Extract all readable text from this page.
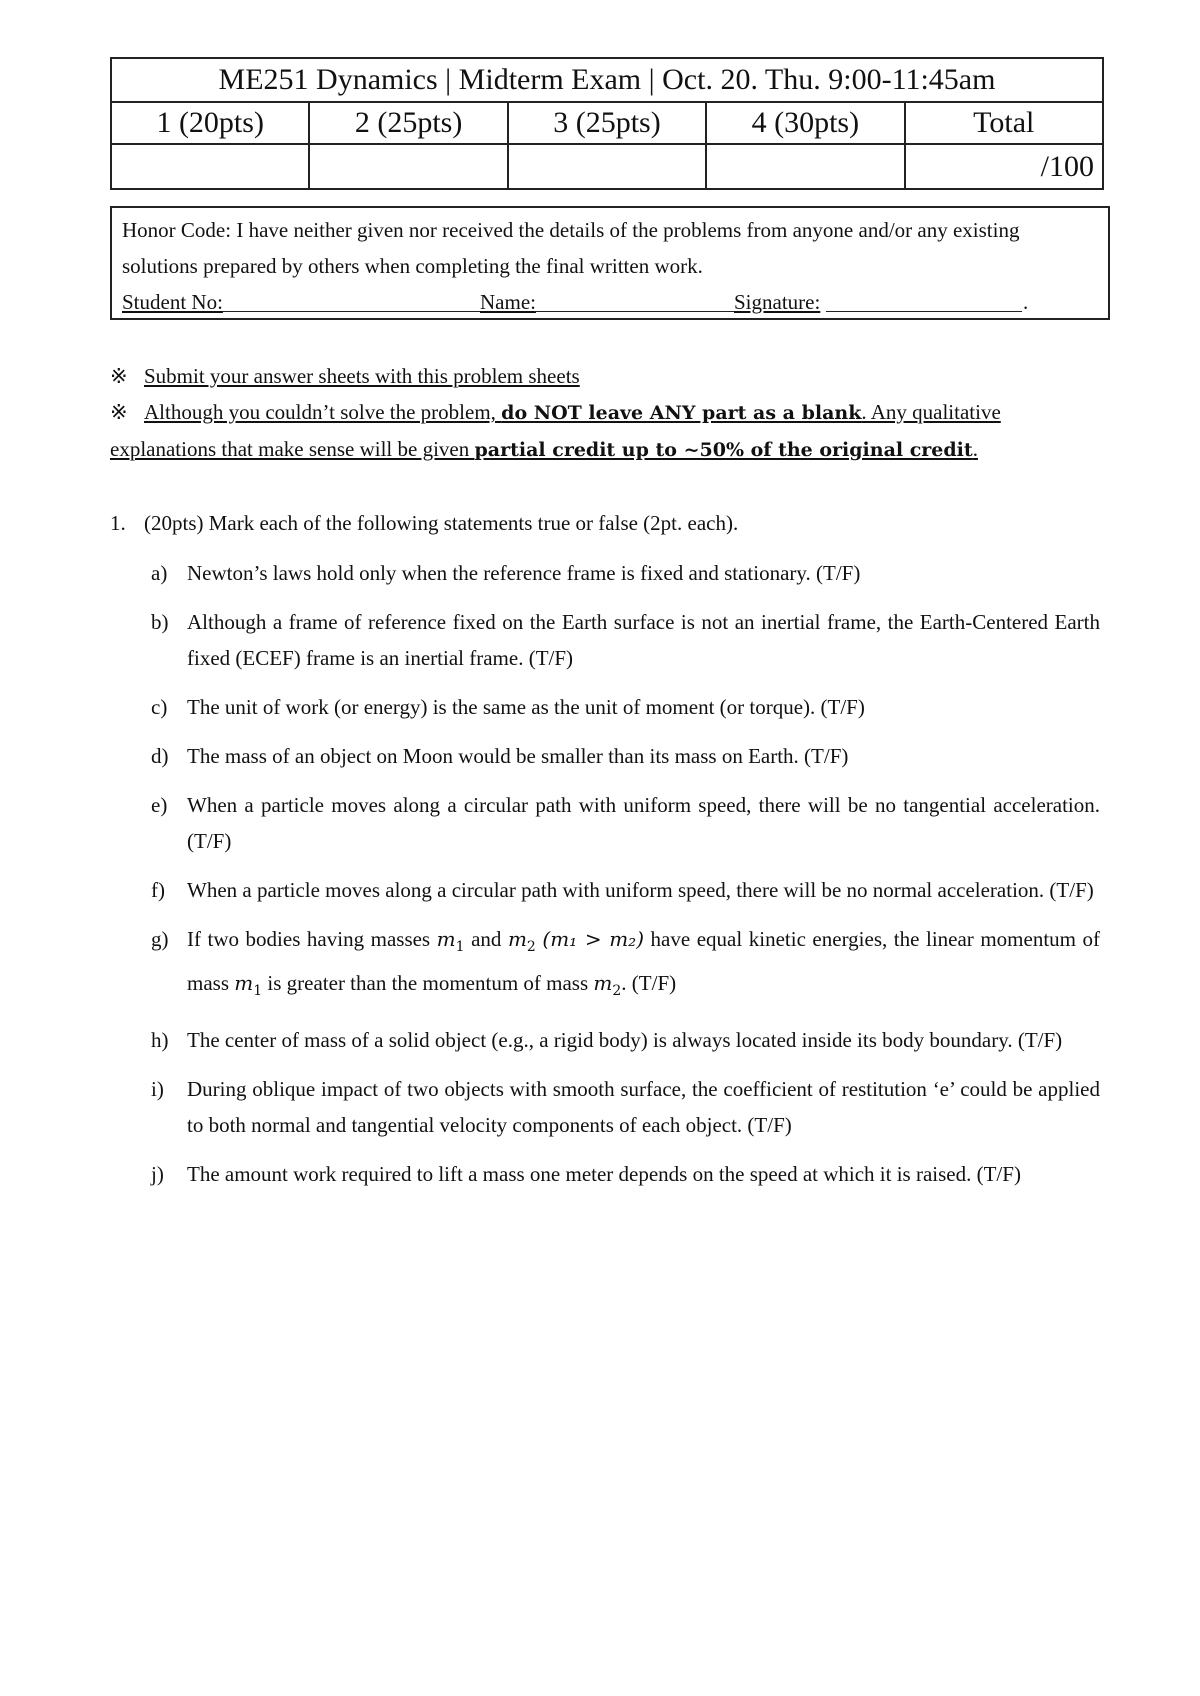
ME251 Dynamics | Midterm Exam | Oct. 20. Thu. 9:00-11:45am				
1 (20pts)	2 (25pts)	3 (25pts)	4 (30pts)	Total
				/100

Honor Code: I have neither given nor received the details of the problems from anyone and/or any existing solutions prepared by others when completing the final written work.

Student No:	Name:	Signature:	.
※ Submit your answer sheets with this problem sheets
※ Although you couldn’t solve the problem, do NOT leave ANY part as a blank. Any qualitative
explanations that make sense will be given partial credit up to ~50% of the original credit.
1. (20pts) Mark each of the following statements true or false (2pt. each).
a) Newton’s laws hold only when the reference frame is fixed and stationary. (T/F)

b) Although a frame of reference fixed on the Earth surface is not an inertial frame, the Earth-Centered Earth fixed (ECEF) frame is an inertial frame. (T/F)

c) The unit of work (or energy) is the same as the unit of moment (or torque). (T/F)

d) The mass of an object on Moon would be smaller than its mass on Earth. (T/F)

e) When a particle moves along a circular path with uniform speed, there will be no tangential acceleration. (T/F)

f) When a particle moves along a circular path with uniform speed, there will be no normal acceleration. (T/F)

g) If two bodies having masses $m_1$ and $m_2$ (m₁ > m₂) have equal kinetic energies, the linear momentum of mass $m_1$ is greater than the momentum of mass $m_2$. (T/F)

h) The center of mass of a solid object (e.g., a rigid body) is always located inside its body boundary. (T/F)

i) During oblique impact of two objects with smooth surface, the coefficient of restitution ‘e’ could be applied to both normal and tangential velocity components of each object. (T/F)

j) The amount work required to lift a mass one meter depends on the speed at which it is raised. (T/F)
